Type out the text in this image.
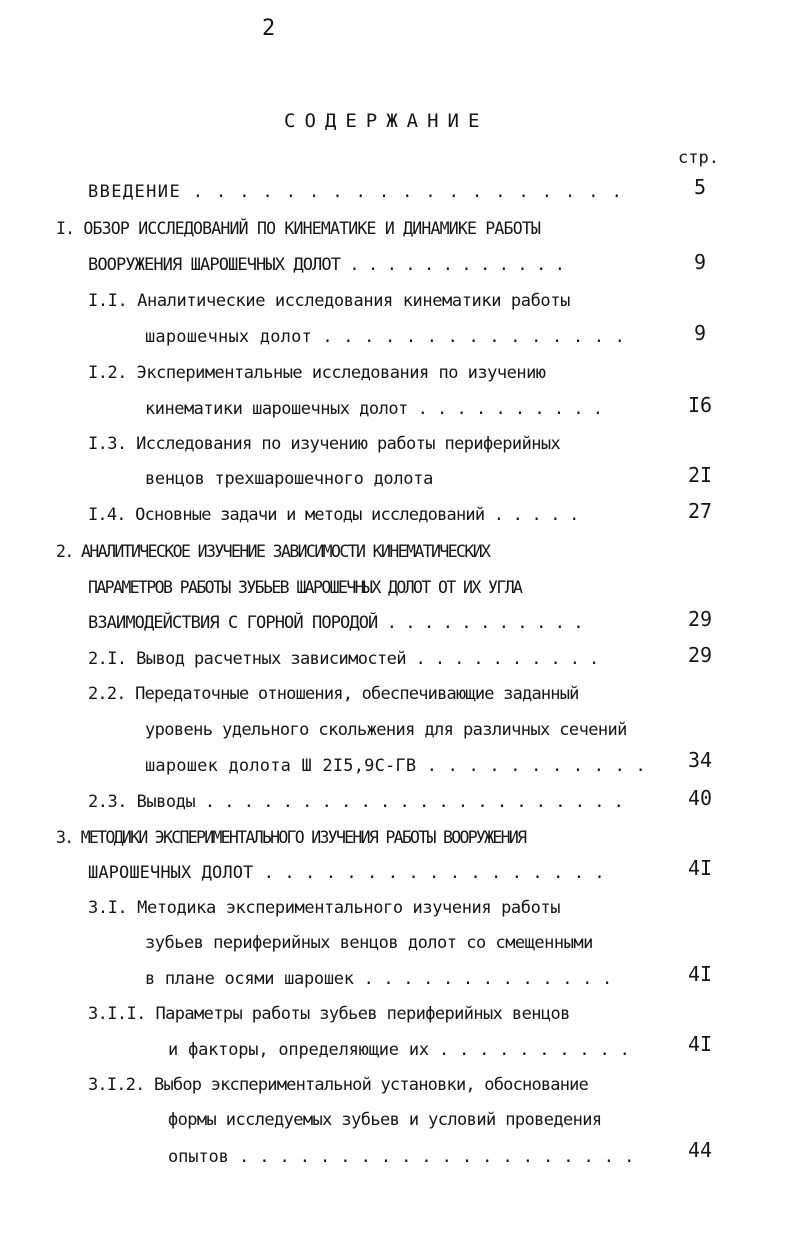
2
СОДЕРЖАНИЕ
стр.
ВВЕДЕНИЕ . . . . . . . . . . . . . . . . . . .
I. ОБЗОР ИССЛЕДОВАНИЙ ПО КИНЕМАТИКЕ И ДИНАМИКЕ РАБОТЫ
ВООРУЖЕНИЯ ШАРОШЕЧНЫХ ДОЛОТ . . . . . . . . . . . .
I.I. Аналитические исследования кинематики работы
шарошечных долот . . . . . . . . . . . . . . .
I.2. Экспериментальные исследования по изучению
кинематики шарошечных долот . . . . . . . . . .
I.3. Исследования по изучению работы периферийных
венцов трехшарошечного долота
I.4. Основные задачи и методы исследований . . . . .
2. АНАЛИТИЧЕСКОЕ ИЗУЧЕНИЕ ЗАВИСИМОСТИ КИНЕМАТИЧЕСКИХ
ПАРАМЕТРОВ РАБОТЫ ЗУБЬЕВ ШАРОШЕЧНЫХ ДОЛОТ ОТ ИХ УГЛА
ВЗАИМОДЕЙСТВИЯ С ГОРНОЙ ПОРОДОЙ . . . . . . . . . . .
2.I. Вывод расчетных зависимостей . . . . . . . . . .
2.2. Передаточные отношения, обеспечивающие заданный
уровень удельного скольжения для различных сечений
шарошек долота Ш 2I5,9С-ГВ . . . . . . . . . . .
2.3. Выводы . . . . . . . . . . . . . . . . . . . . . .
3. МЕТОДИКИ ЭКСПЕРИМЕНТАЛЬНОГО ИЗУЧЕНИЯ РАБОТЫ ВООРУЖЕНИЯ
ШАРОШЕЧНЫХ ДОЛОТ . . . . . . . . . . . . . . . . .
3.I. Методика экспериментального изучения работы
зубьев периферийных венцов долот со смещенными
в плане осями шарошек . . . . . . . . . . . . .
3.I.I. Параметры работы зубьев периферийных венцов
и факторы, определяющие их . . . . . . . . . .
3.I.2. Выбор экспериментальной установки, обоснование
формы исследуемых зубьев и условий проведения
опытов . . . . . . . . . . . . . . . . . . . .
5
9
9
I6
2I
27
29
29
34
40
4I
4I
4I
44
